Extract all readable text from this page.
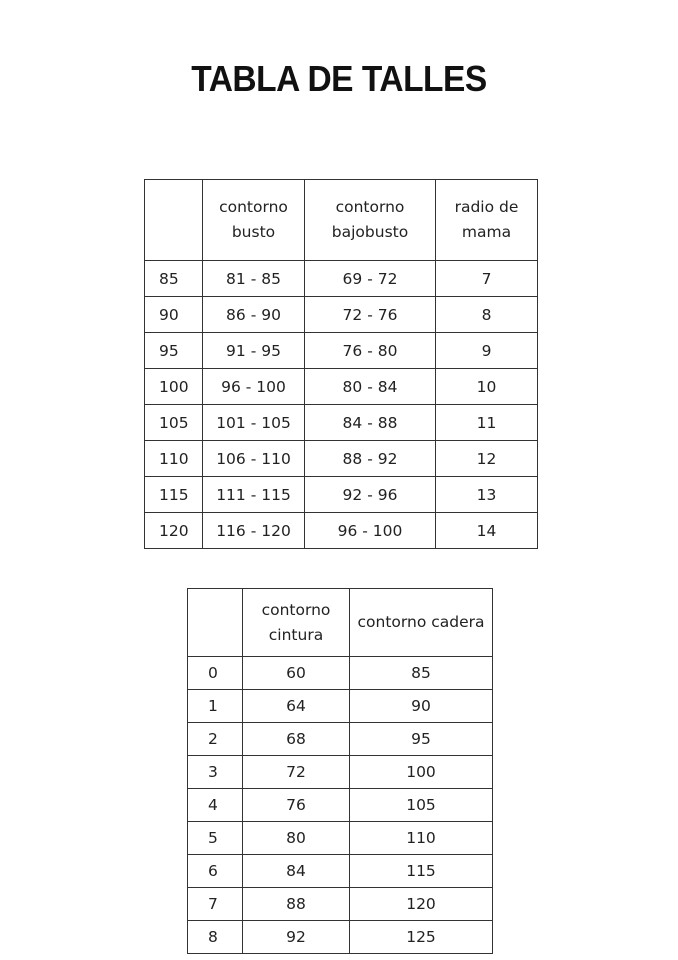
TABLA DE TALLES
	contorno busto	contorno bajobusto	radio de mama
85	81 - 85	69 - 72	7
90	86 - 90	72 - 76	8
95	91 - 95	76 - 80	9
100	96 - 100	80 - 84	10
105	101 - 105	84 - 88	11
110	106 - 110	88 - 92	12
115	111 - 115	92 - 96	13
120	116 - 120	96 - 100	14
	contorno cintura	contorno cadera
0	60	85
1	64	90
2	68	95
3	72	100
4	76	105
5	80	110
6	84	115
7	88	120
8	92	125
